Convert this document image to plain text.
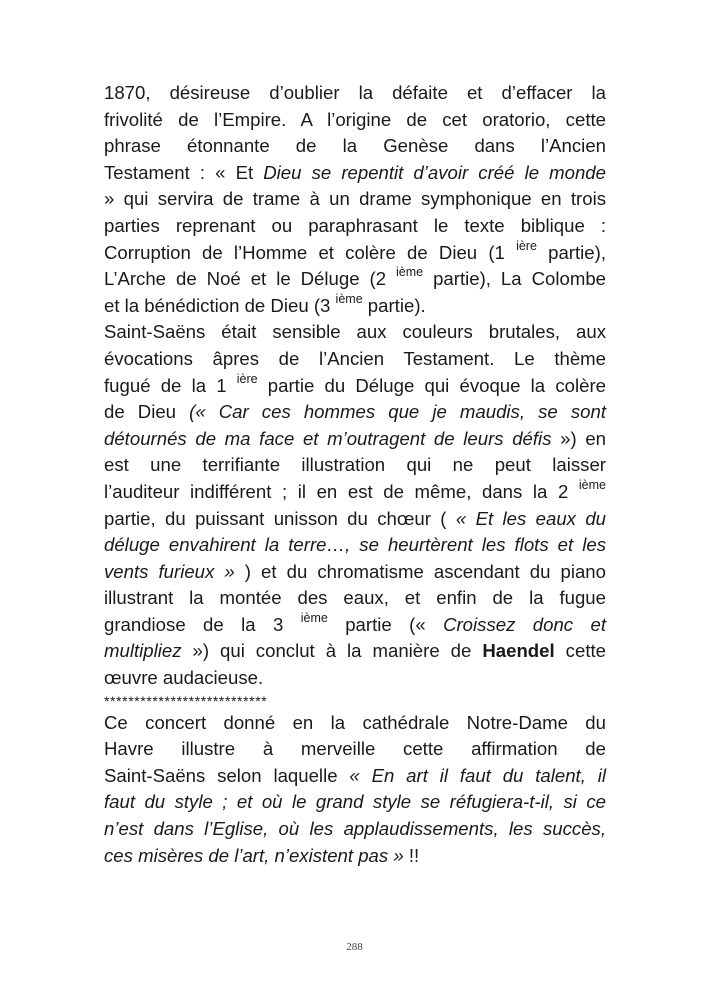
1870, désireuse d’oublier la défaite et d’effacer la
frivolité de l’Empire. A l’origine de cet oratorio, cette
phrase étonnante de la Genèse dans l’Ancien
Testament : « Et Dieu se repentit d’avoir créé le monde
» qui servira de trame à un drame symphonique en trois
parties reprenant ou paraphrasant le texte biblique :
Corruption de l’Homme et colère de Dieu (1 $^{ière}$ partie),
L’Arche de Noé et le Déluge (2 $^{ième}$ partie), La Colombe
et la bénédiction de Dieu (3 $^{ième}$ partie).
Saint-Saëns était sensible aux couleurs brutales, aux
évocations âpres de l’Ancien Testament. Le thème
fugué de la 1 $^{ière}$ partie du Déluge qui évoque la colère
de Dieu (« Car ces hommes que je maudis, se sont
détournés de ma face et m’outragent de leurs défis ») en
est une terrifiante illustration qui ne peut laisser
l’auditeur indifférent ; il en est de même, dans la 2 $^{ième}$
partie, du puissant unisson du chœur ( « Et les eaux du
déluge envahirent la terre…, se heurtèrent les flots et les
vents furieux » ) et du chromatisme ascendant du piano
illustrant la montée des eaux, et enfin de la fugue
grandiose de la 3 $^{ième}$ partie (« Croissez donc et
multipliez ») qui conclut à la manière de Haendel cette
œuvre audacieuse.
***************************
Ce concert donné en la cathédrale Notre-Dame du
Havre illustre à merveille cette affirmation de
Saint-Saëns selon laquelle « En art il faut du talent, il
faut du style ; et où le grand style se réfugiera-t-il, si ce
n’est dans l’Eglise, où les applaudissements, les succès,
ces misères de l’art, n’existent pas » !!
288
